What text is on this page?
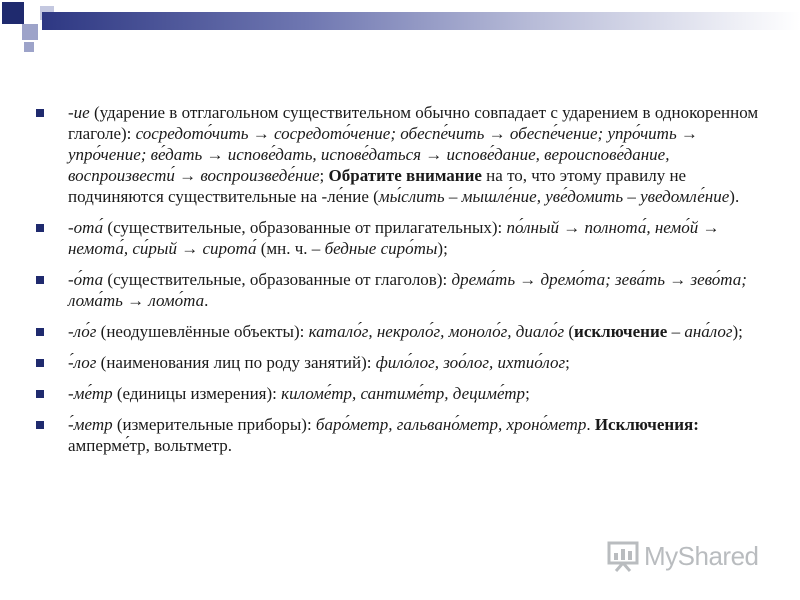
-ие (ударение в отглагольном существительном обычно совпадает с ударением в однокоренном глаголе): сосредото́чить → сосредото́чение; обеспе́чить → обеспе́чение; упро́чить → упро́чение; ве́дать → испове́дать, испове́даться → испове́дание, вероиспове́дание, воспроизвести́ → воспроизведе́ние; Обратите внимание на то, что этому правилу не подчиняются существительные на -ле́ние (мы́слить – мышле́ние, уве́домить – уведомле́ние).
-ота́ (существительные, образованные от прилагательных): по́лный → полнота́, немо́й → немота́, си́рый → сирота́ (мн. ч. – бедные сиро́ты);
-о́та (существительные, образованные от глаголов): дрема́ть → дремо́та; зева́ть → зево́та; лома́ть → ломо́та.
-ло́г (неодушевлённые объекты): катало́г, некроло́г, моноло́г, диало́г (исключение – ана́лог);
-́лог (наименования лиц по роду занятий): фило́лог, зоо́лог, ихтио́лог;
-ме́тр (единицы измерения): киломе́тр, сантиме́тр, дециме́тр;
-́метр (измерительные приборы): баро́метр, гальвано́метр, хроно́метр. Исключения: амперме́тр, вольтметр.
MyShared
